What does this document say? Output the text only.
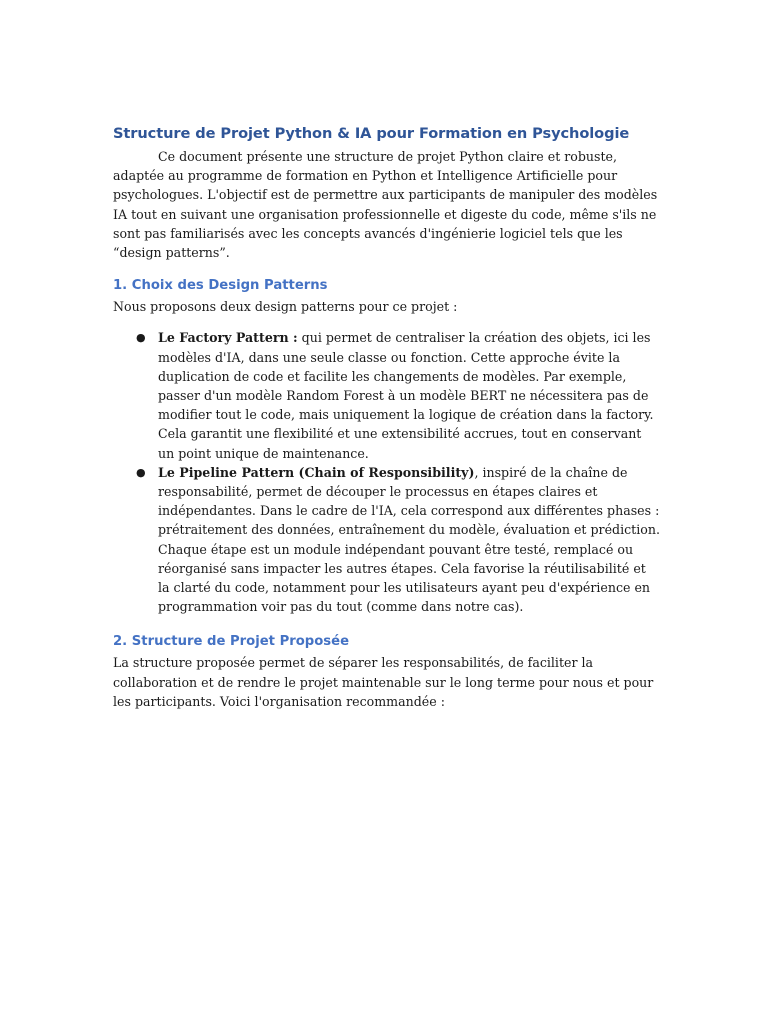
Structure de Projet Python & IA pour Formation en Psychologie

Ce document présente une structure de projet Python claire et robuste, adaptée au programme de formation en Python et Intelligence Artificielle pour psychologues. L'objectif est de permettre aux participants de manipuler des modèles IA tout en suivant une organisation professionnelle et digeste du code, même s'ils ne sont pas familiarisés avec les concepts avancés d'ingénierie logiciel tels que les “design patterns”.

1. Choix des Design Patterns

Nous proposons deux design patterns pour ce projet :

● Le Factory Pattern : qui permet de centraliser la création des objets, ici les modèles d'IA, dans une seule classe ou fonction. Cette approche évite la duplication de code et facilite les changements de modèles. Par exemple, passer d'un modèle Random Forest à un modèle BERT ne nécessitera pas de modifier tout le code, mais uniquement la logique de création dans la factory. Cela garantit une flexibilité et une extensibilité accrues, tout en conservant un point unique de maintenance.
● Le Pipeline Pattern (Chain of Responsibility), inspiré de la chaîne de responsabilité, permet de découper le processus en étapes claires et indépendantes. Dans le cadre de l'IA, cela correspond aux différentes phases : prétraitement des données, entraînement du modèle, évaluation et prédiction. Chaque étape est un module indépendant pouvant être testé, remplacé ou réorganisé sans impacter les autres étapes. Cela favorise la réutilisabilité et la clarté du code, notamment pour les utilisateurs ayant peu d'expérience en programmation voir pas du tout (comme dans notre cas).
2. Structure de Projet Proposée

La structure proposée permet de séparer les responsabilités, de faciliter la collaboration et de rendre le projet maintenable sur le long terme pour nous et pour les participants. Voici l'organisation recommandée :
